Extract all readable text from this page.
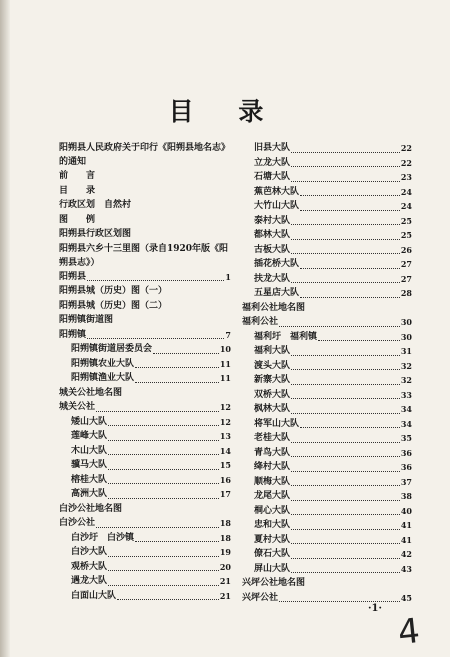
目 录
阳朔县人民政府关于印行《阳朔县地名志》的通知
前　　言
目　　录
行政区划　自然村
图　　例
阳朔县行政区划图
阳朔县六乡十三里图（录自1920年版《阳朔县志》）
阳朔县	1
阳朔县城（历史）图（一）
阳朔县城（历史）图（二）
阳朔镇街道图
阳朔镇	7
阳朔镇街道居委员会	10
阳朔镇农业大队	11
阳朔镇渔业大队	11
城关公社地名图
城关公社	12
矮山大队	12
莲峰大队	13
木山大队	14
骥马大队	15
榕桂大队	16
高洲大队	17
白沙公社地名图
白沙公社	18
白沙圩　白沙镇	18
白沙大队	19
观桥大队	20
遇龙大队	21
白面山大队	21
旧县大队	22
立龙大队	22
石塘大队	23
蕉芭林大队	24
大竹山大队	24
泰村大队	25
都林大队	25
古板大队	26
插花桥大队	27
扶龙大队	27
五星店大队	28
福利公社地名图
福利公社	30
福利圩　福利镇	30
福利大队	31
渡头大队	32
新寨大队	32
双桥大队	33
枫林大队	34
将军山大队	34
老桂大队	35
青鸟大队	36
绛村大队	36
顺梅大队	37
龙尾大队	38
桐心大队	40
忠和大队	41
夏村大队	41
僚石大队	42
屏山大队	43
兴坪公社地名图
兴坪公社	45
·1·
4
